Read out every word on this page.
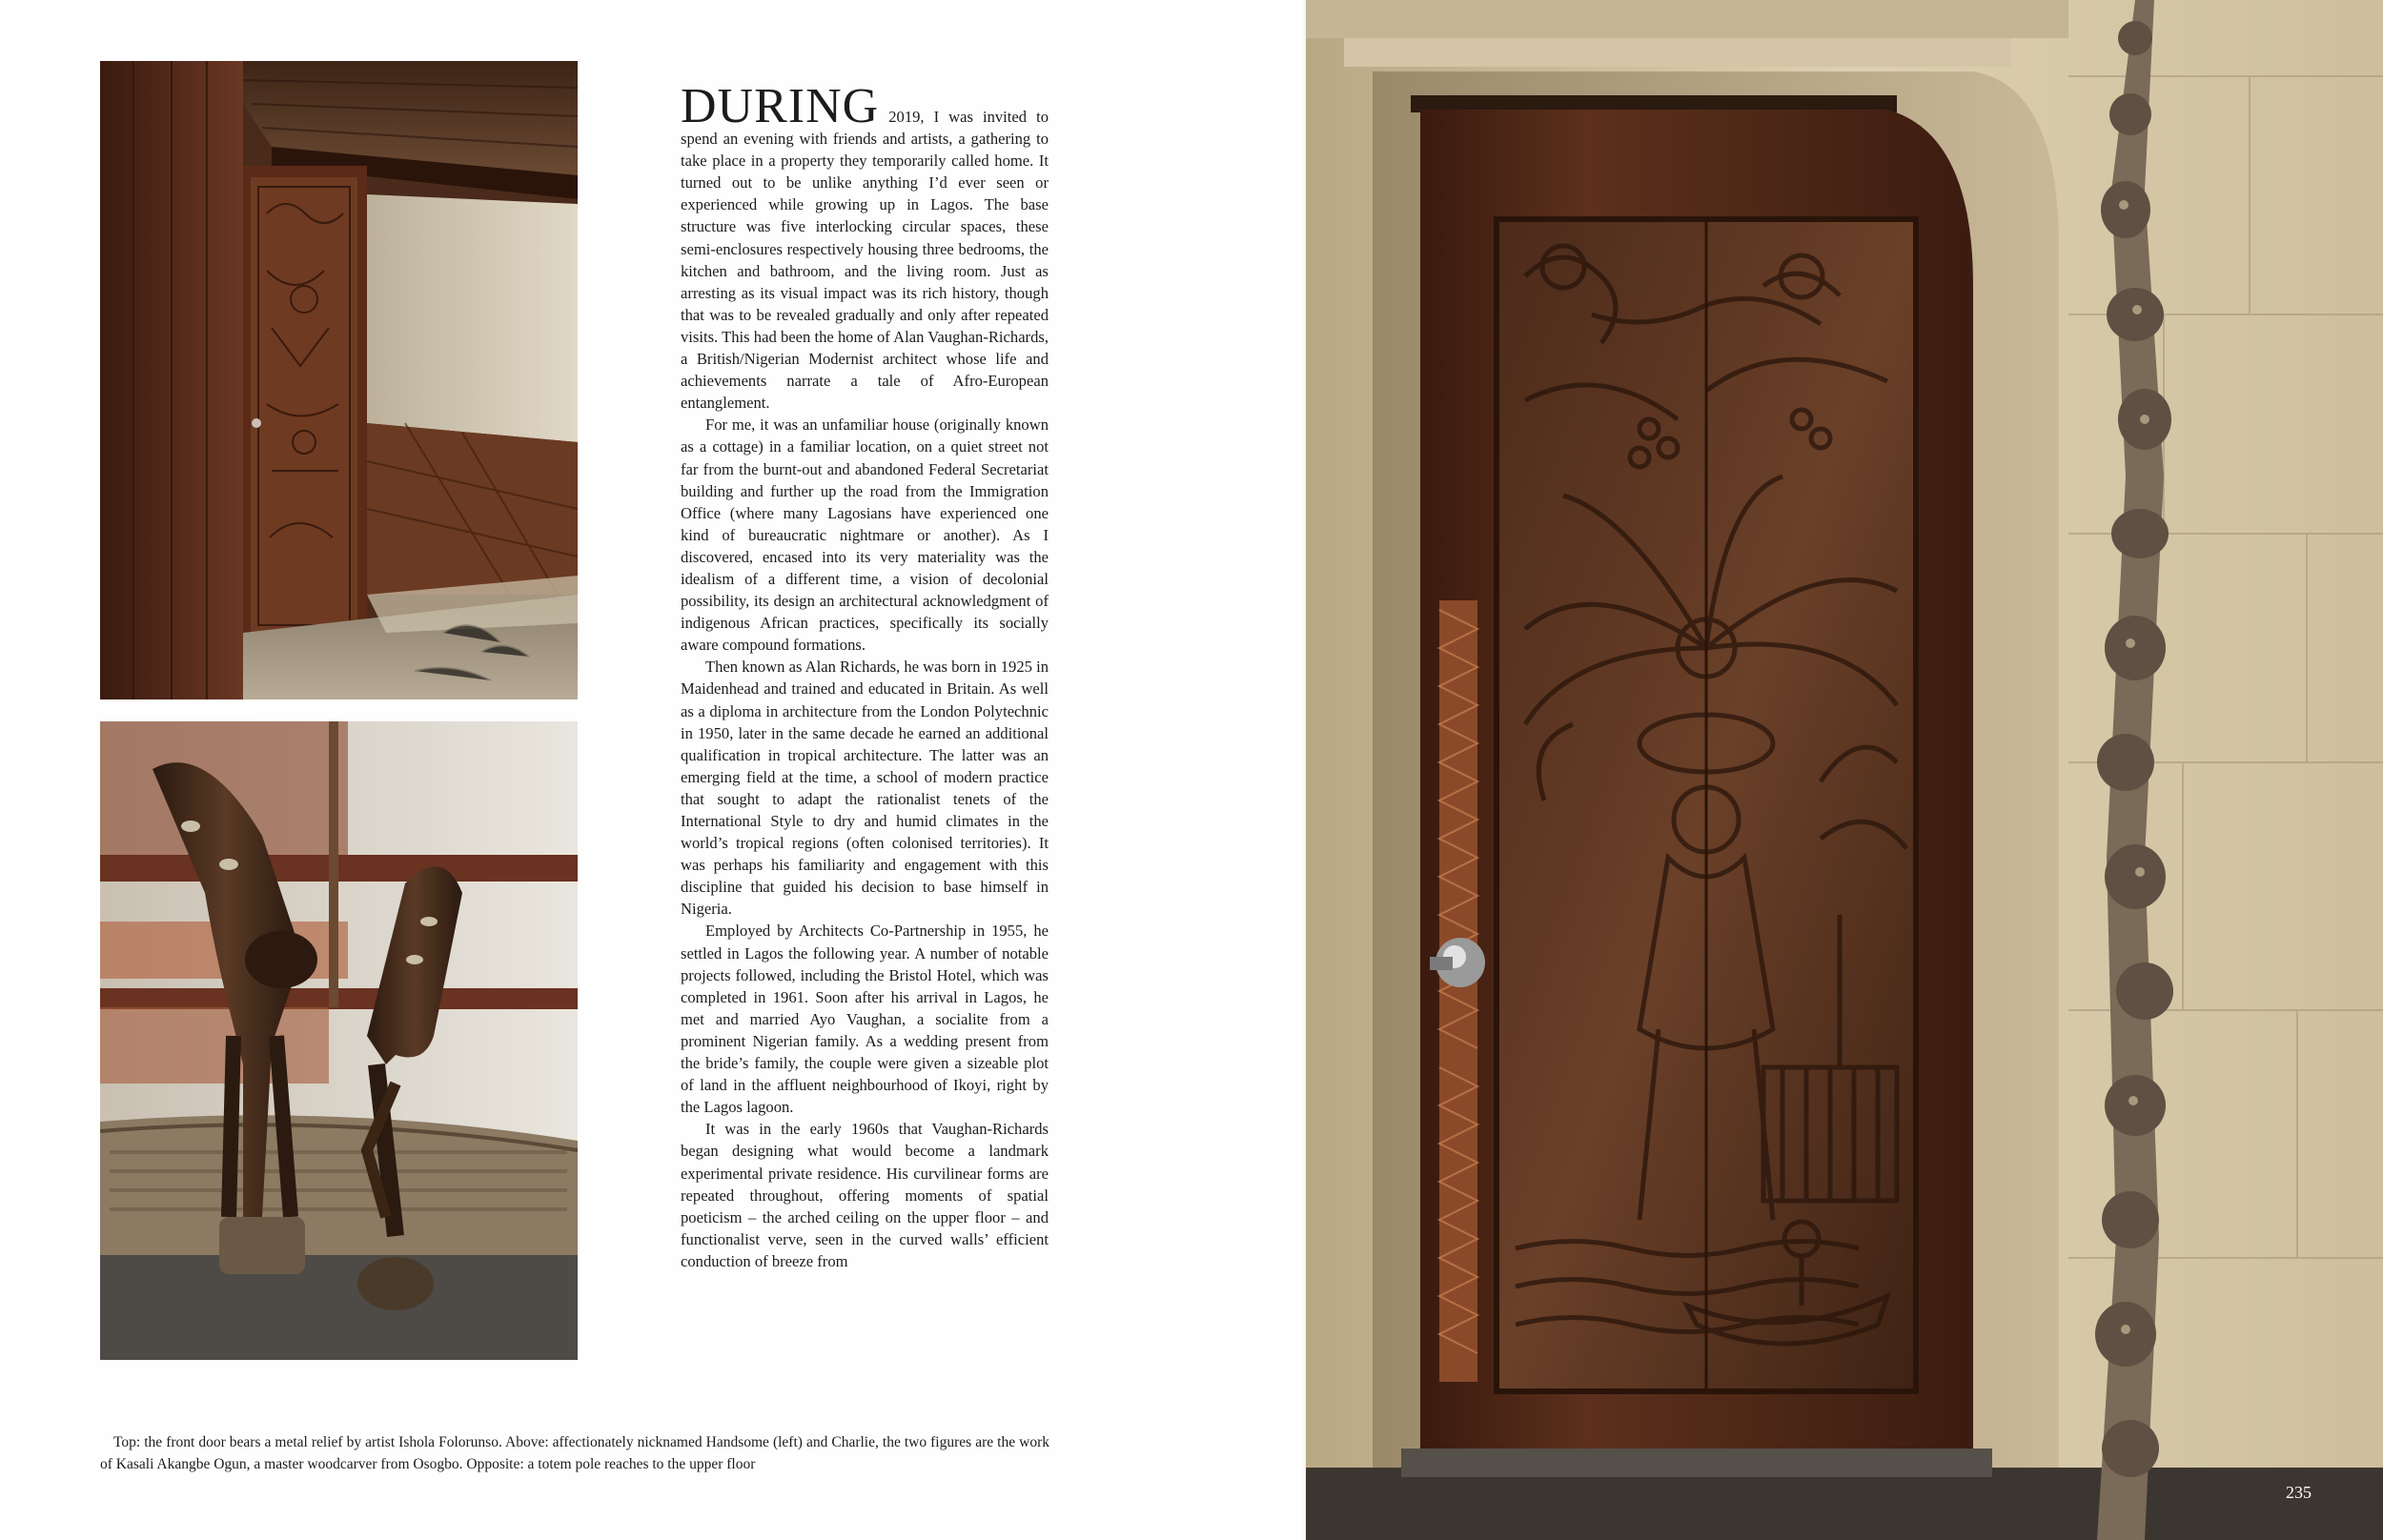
DURING 2019, I was invited to spend an evening with friends and artists, a gathering to take place in a property they temporarily called home. It turned out to be unlike anything I’d ever seen or experienced while growing up in Lagos. The base structure was five interlocking circular spaces, these semi-enclosures respectively housing three bedrooms, the kitchen and bathroom, and the living room. Just as arresting as its visual impact was its rich history, though that was to be revealed gradually and only after repeated visits. This had been the home of Alan Vaughan-Richards, a British/Nigerian Modernist architect whose life and achievements narrate a tale of Afro-European entanglement.

For me, it was an unfamiliar house (originally known as a cottage) in a familiar location, on a quiet street not far from the burnt-out and abandoned Federal Secretariat building and further up the road from the Immigration Office (where many Lagosians have experienced one kind of bureaucratic nightmare or another). As I discovered, encased into its very materiality was the idealism of a different time, a vision of decolonial possibility, its design an architectural acknowledgment of indigenous African practices, specifically its socially aware compound formations.

Then known as Alan Richards, he was born in 1925 in Maidenhead and trained and educated in Britain. As well as a diploma in architecture from the London Polytechnic in 1950, later in the same decade he earned an additional qualification in tropical architecture. The latter was an emerging field at the time, a school of modern practice that sought to adapt the rationalist tenets of the International Style to dry and humid climates in the world’s tropical regions (often colonised territories). It was perhaps his familiarity and engagement with this discipline that guided his decision to base himself in Nigeria.

Employed by Architects Co-Partnership in 1955, he settled in Lagos the following year. A number of notable projects followed, including the Bristol Hotel, which was completed in 1961. Soon after his arrival in Lagos, he met and married Ayo Vaughan, a socialite from a prominent Nigerian family. As a wedding present from the bride’s family, the couple were given a sizeable plot of land in the affluent neighbourhood of Ikoyi, right by the Lagos lagoon.

It was in the early 1960s that Vaughan-Richards began designing what would become a landmark experimental private residence. His curvilinear forms are repeated throughout, offering moments of spatial poeticism – the arched ceiling on the upper floor – and functionalist verve, seen in the curved walls’ efficient conduction of breeze from

Top: the front door bears a metal relief by artist Ishola Folorunso. Above: affectionately nicknamed Handsome (left) and Charlie, the two figures are the work of Kasali Akangbe Ogun, a master woodcarver from Osogbo. Opposite: a totem pole reaches to the upper floor
235
